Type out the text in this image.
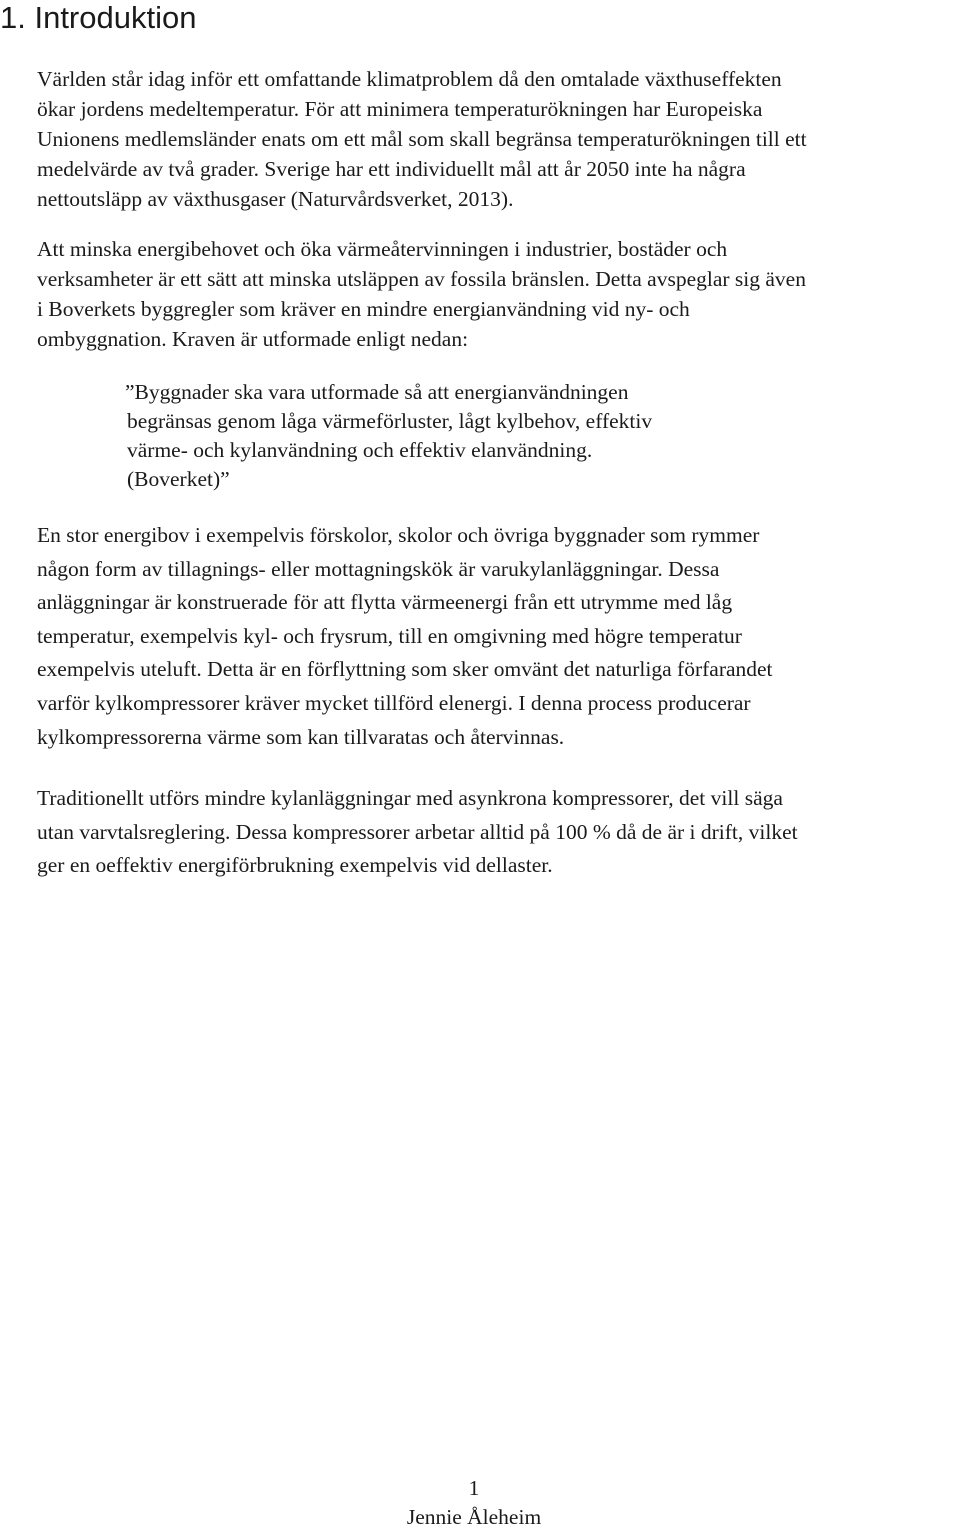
1. Introduktion
Världen står idag inför ett omfattande klimatproblem då den omtalade växthuseffekten
ökar jordens medeltemperatur. För att minimera temperaturökningen har Europeiska
Unionens medlemsländer enats om ett mål som skall begränsa temperaturökningen till ett
medelvärde av två grader. Sverige har ett individuellt mål att år 2050 inte ha några
nettoutsläpp av växthusgaser (Naturvårdsverket, 2013).
Att minska energibehovet och öka värmeåtervinningen i industrier, bostäder och
verksamheter är ett sätt att minska utsläppen av fossila bränslen. Detta avspeglar sig även
i Boverkets byggregler som kräver en mindre energianvändning vid ny- och
ombyggnation. Kraven är utformade enligt nedan:
”Byggnader ska vara utformade så att energianvändningen
begränsas genom låga värmeförluster, lågt kylbehov, effektiv
värme- och kylanvändning och effektiv elanvändning.
(Boverket)”
En stor energibov i exempelvis förskolor, skolor och övriga byggnader som rymmer
någon form av tillagnings- eller mottagningskök är varukylanläggningar. Dessa
anläggningar är konstruerade för att flytta värmeenergi från ett utrymme med låg
temperatur, exempelvis kyl- och frysrum, till en omgivning med högre temperatur
exempelvis uteluft. Detta är en förflyttning som sker omvänt det naturliga förfarandet
varför kylkompressorer kräver mycket tillförd elenergi. I denna process producerar
kylkompressorerna värme som kan tillvaratas och återvinnas.
Traditionellt utförs mindre kylanläggningar med asynkrona kompressorer, det vill säga
utan varvtalsreglering. Dessa kompressorer arbetar alltid på 100 % då de är i drift, vilket
ger en oeffektiv energiförbrukning exempelvis vid dellaster.
1
Jennie Åleheim
